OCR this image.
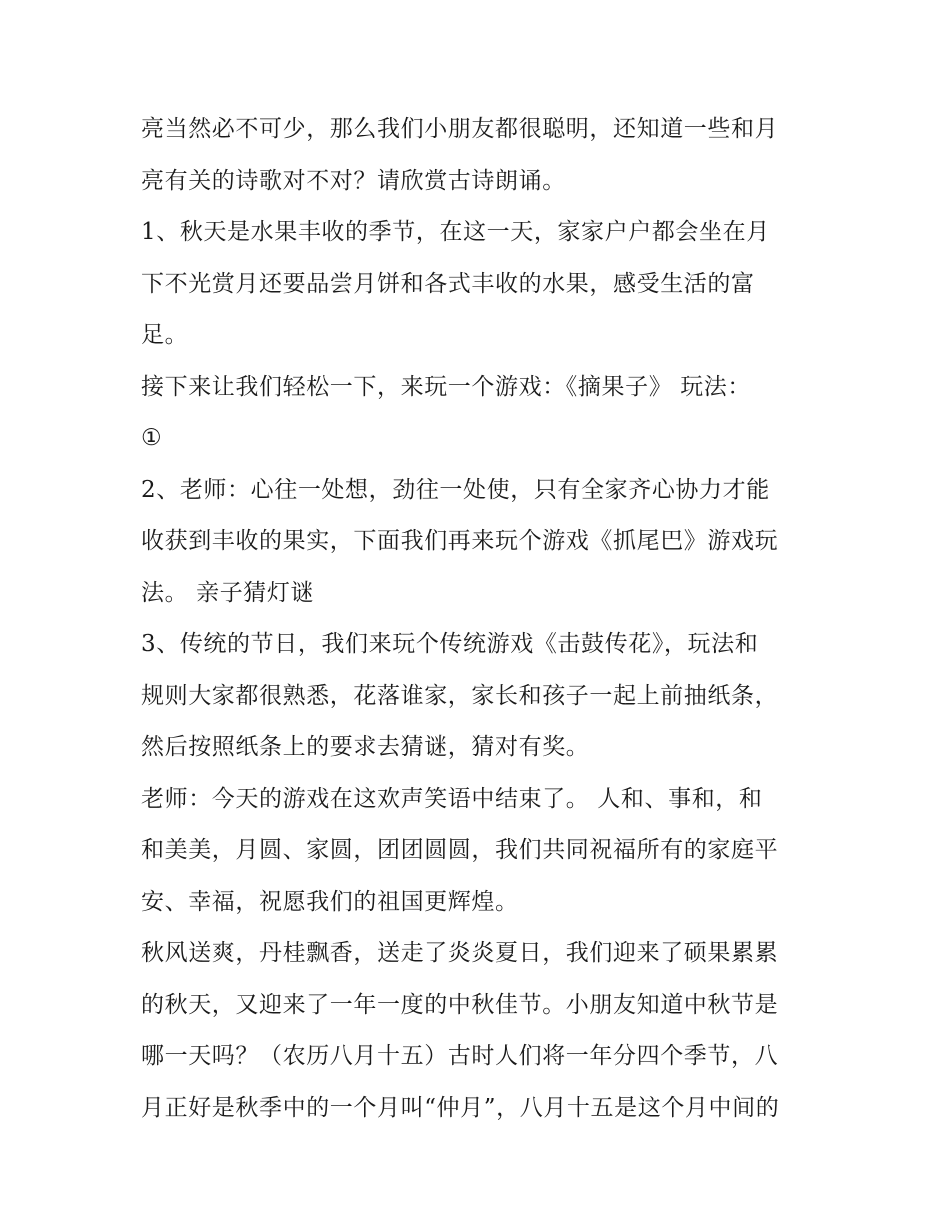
亮当然必不可少，那么我们小朋友都很聪明，还知道一些和月
亮有关的诗歌对不对？请欣赏古诗朗诵。
1、秋天是水果丰收的季节，在这一天，家家户户都会坐在月
下不光赏月还要品尝月饼和各式丰收的水果，感受生活的富
足。
接下来让我们轻松一下，来玩一个游戏：《摘果子》 玩法：
①
2、老师：心往一处想，劲往一处使，只有全家齐心协力才能
收获到丰收的果实，下面我们再来玩个游戏《抓尾巴》游戏玩
法。 亲子猜灯谜
3、传统的节日，我们来玩个传统游戏《击鼓传花》，玩法和
规则大家都很熟悉，花落谁家，家长和孩子一起上前抽纸条，
然后按照纸条上的要求去猜谜，猜对有奖。
老师：今天的游戏在这欢声笑语中结束了。 人和、事和，和
和美美，月圆、家圆，团团圆圆，我们共同祝福所有的家庭平
安、幸福，祝愿我们的祖国更辉煌。
秋风送爽，丹桂飘香，送走了炎炎夏日，我们迎来了硕果累累
的秋天，又迎来了一年一度的中秋佳节。小朋友知道中秋节是
哪一天吗？（农历八月十五）古时人们将一年分四个季节，八
月正好是秋季中的一个月叫“仲月”，八月十五是这个月中间的
